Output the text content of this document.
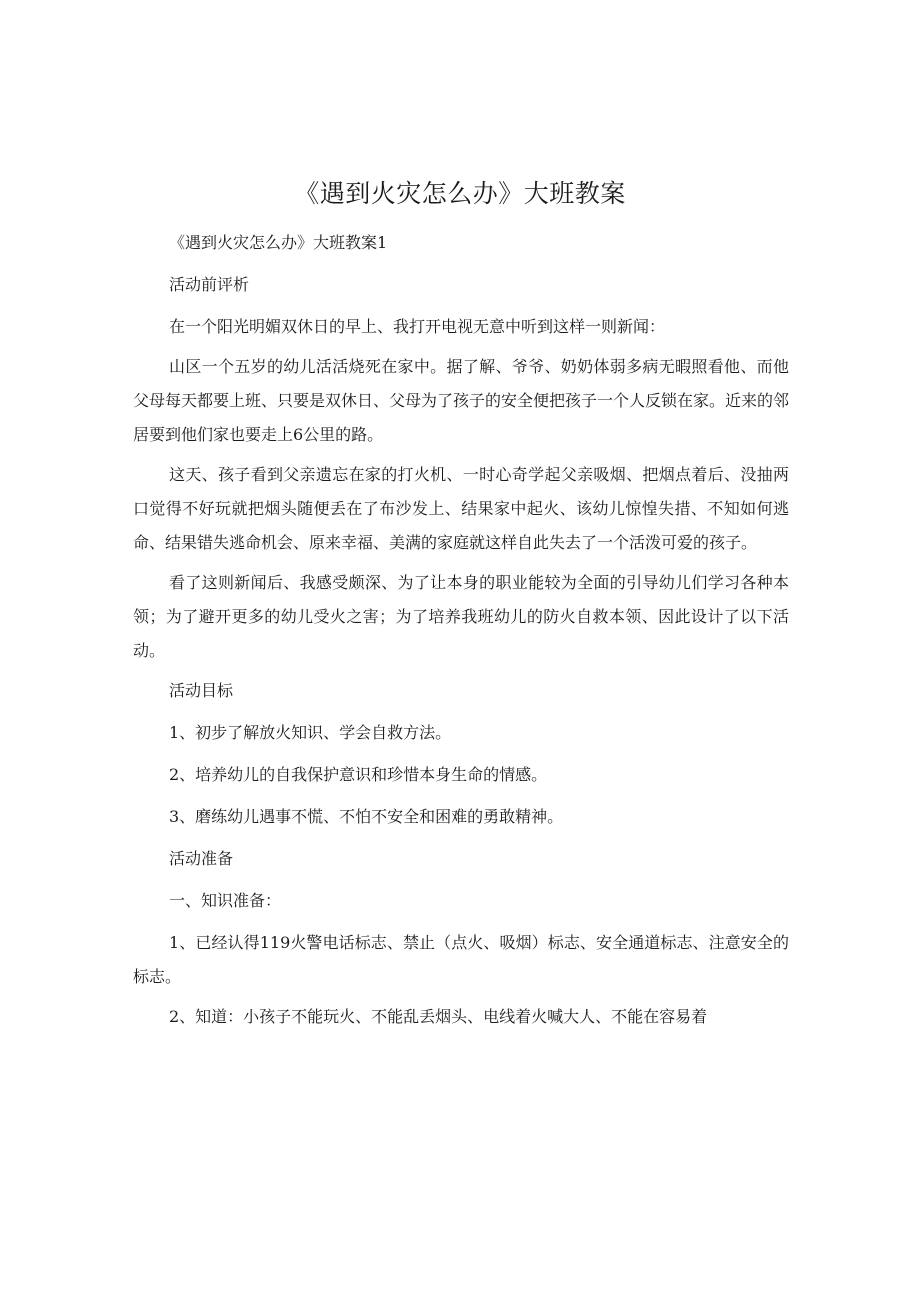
《遇到火灾怎么办》大班教案

《遇到火灾怎么办》大班教案1

活动前评析

在一个阳光明媚双休日的早上、我打开电视无意中听到这样一则新闻：

山区一个五岁的幼儿活活烧死在家中。据了解、爷爷、奶奶体弱多病无暇照看他、而他父母每天都要上班、只要是双休日、父母为了孩子的安全便把孩子一个人反锁在家。近来的邻居要到他们家也要走上6公里的路。

这天、孩子看到父亲遗忘在家的打火机、一时心奇学起父亲吸烟、把烟点着后、没抽两口觉得不好玩就把烟头随便丢在了布沙发上、结果家中起火、该幼儿惊惶失措、不知如何逃命、结果错失逃命机会、原来幸福、美满的家庭就这样自此失去了一个活泼可爱的孩子。

看了这则新闻后、我感受颇深、为了让本身的职业能较为全面的引导幼儿们学习各种本领；为了避开更多的幼儿受火之害；为了培养我班幼儿的防火自救本领、因此设计了以下活动。

活动目标

1、初步了解放火知识、学会自救方法。

2、培养幼儿的自我保护意识和珍惜本身生命的情感。

3、磨练幼儿遇事不慌、不怕不安全和困难的勇敢精神。

活动准备

一、知识准备：

1、已经认得119火警电话标志、禁止（点火、吸烟）标志、安全通道标志、注意安全的标志。

2、知道：小孩子不能玩火、不能乱丢烟头、电线着火喊大人、不能在容易着
